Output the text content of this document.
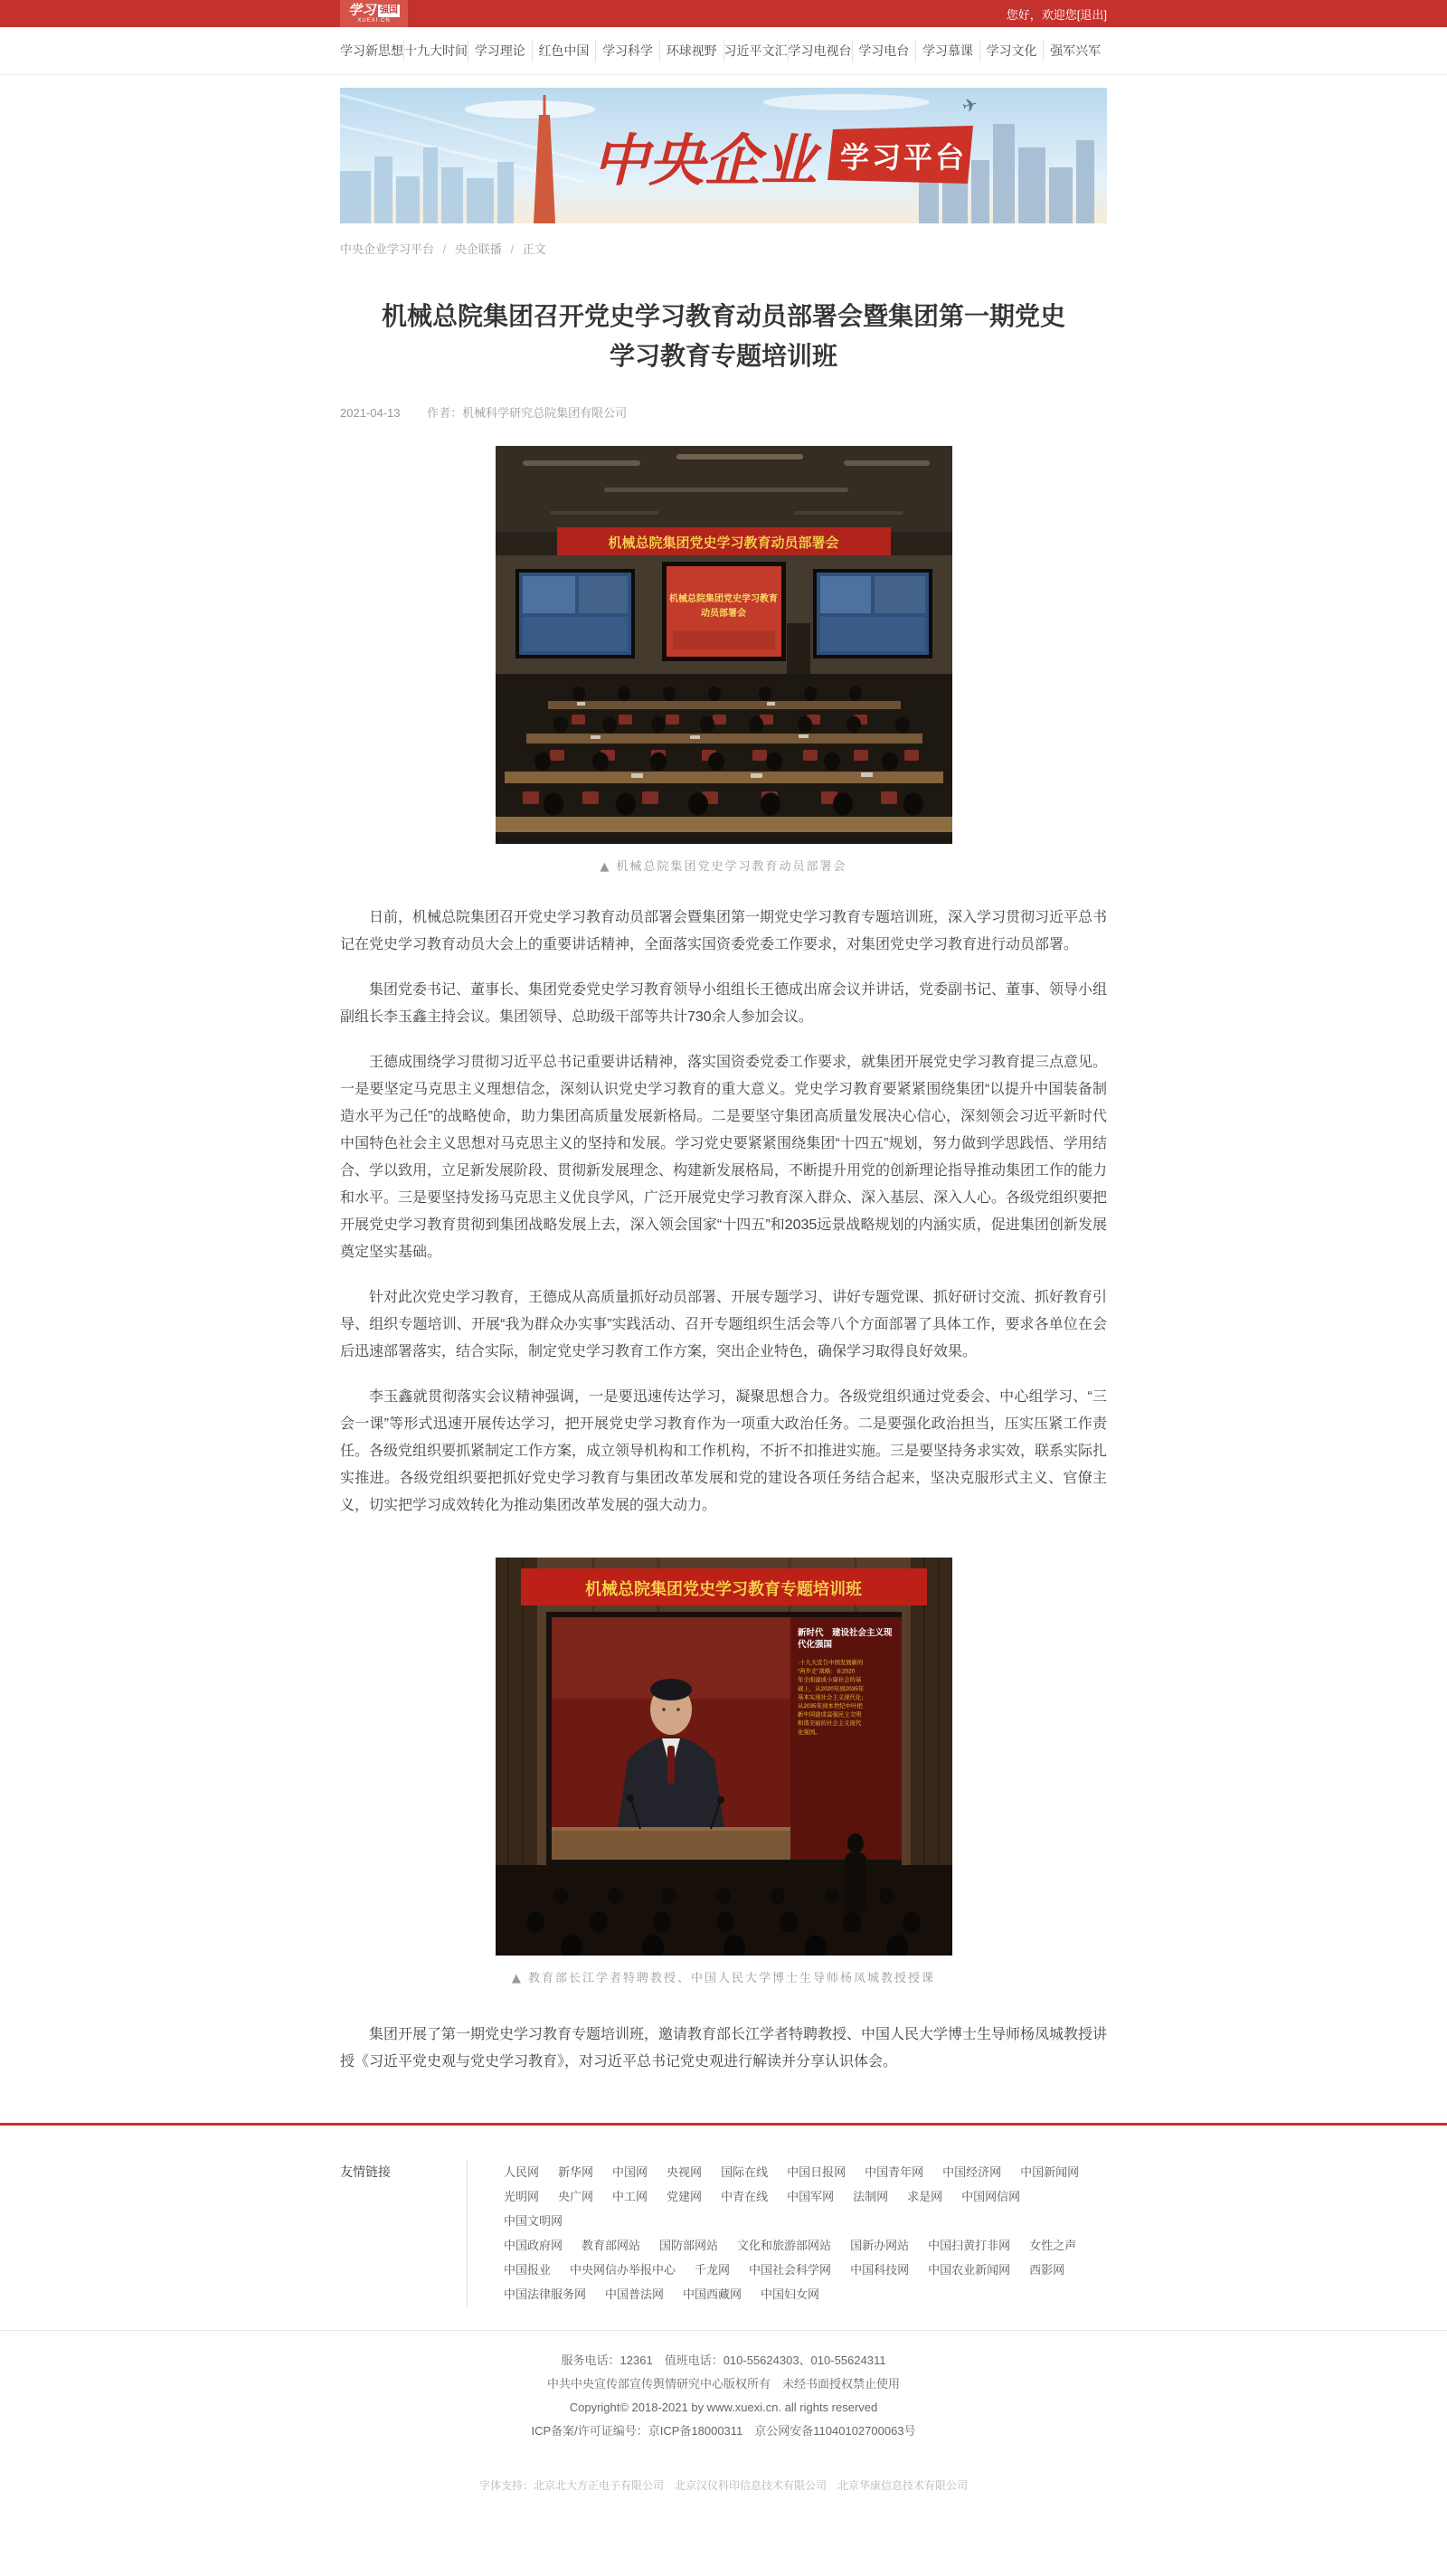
学习 强国
XUEXI.CN	您好，欢迎您[退出]
学习新思想 十九大时间 学习理论	红色中国	学习科学	环球视野 习近平文汇 学习电视台 学习电台	学习慕课	学习文化	强军兴军
✈
中央企业 学习平台
中央企业学习平台 / 央企联播 / 正文
机械总院集团召开党史学习教育动员部署会暨集团第一期党史学习教育专题培训班
2021-04-13 作者：机械科学研究总院集团有限公司
机械总院集团党史学习教育动员部署会
机械总院集团党史学习教育
动员部署会
▲ 机械总院集团党史学习教育动员部署会

日前，机械总院集团召开党史学习教育动员部署会暨集团第一期党史学习教育专题培训班，深入学习贯彻习近平总书记在党史学习教育动员大会上的重要讲话精神，全面落实国资委党委工作要求，对集团党史学习教育进行动员部署。

集团党委书记、董事长、集团党委党史学习教育领导小组组长王德成出席会议并讲话，党委副书记、董事、领导小组副组长李玉鑫主持会议。集团领导、总助级干部等共计730余人参加会议。

王德成围绕学习贯彻习近平总书记重要讲话精神，落实国资委党委工作要求，就集团开展党史学习教育提三点意见。一是要坚定马克思主义理想信念，深刻认识党史学习教育的重大意义。党史学习教育要紧紧围绕集团“以提升中国装备制造水平为己任”的战略使命，助力集团高质量发展新格局。二是要坚守集团高质量发展决心信心，深刻领会习近平新时代中国特色社会主义思想对马克思主义的坚持和发展。学习党史要紧紧围绕集团“十四五”规划，努力做到学思践悟、学用结合、学以致用，立足新发展阶段、贯彻新发展理念、构建新发展格局，不断提升用党的创新理论指导推动集团工作的能力和水平。三是要坚持发扬马克思主义优良学风，广泛开展党史学习教育深入群众、深入基层、深入人心。各级党组织要把开展党史学习教育贯彻到集团战略发展上去，深入领会国家“十四五”和2035远景战略规划的内涵实质，促进集团创新发展奠定坚实基础。

针对此次党史学习教育，王德成从高质量抓好动员部署、开展专题学习、讲好专题党课、抓好研讨交流、抓好教育引导、组织专题培训、开展“我为群众办实事”实践活动、召开专题组织生活会等八个方面部署了具体工作，要求各单位在会后迅速部署落实，结合实际，制定党史学习教育工作方案，突出企业特色，确保学习取得良好效果。

李玉鑫就贯彻落实会议精神强调，一是要迅速传达学习，凝聚思想合力。各级党组织通过党委会、中心组学习、“三会一课”等形式迅速开展传达学习，把开展党史学习教育作为一项重大政治任务。二是要强化政治担当，压实压紧工作责任。各级党组织要抓紧制定工作方案，成立领导机构和工作机构，不折不扣推进实施。三是要坚持务求实效，联系实际扎实推进。各级党组织要把抓好党史学习教育与集团改革发展和党的建设各项任务结合起来，坚决克服形式主义、官僚主义，切实把学习成效转化为推动集团改革发展的强大动力。

机械总院集团党史学习教育专题培训班
新时代　建设社会主义现
代化强国
·十九大宣告中国发展新的
“两步走”战略：在2020
年全面建成小康社会的基
础上，从2020年到2035年
基本实现社会主义现代化；
从2035年到本世纪中叶把
新中国建成富强民主文明
和谐美丽的社会主义现代
化强国。
▲ 教育部长江学者特聘教授、中国人民大学博士生导师杨凤城教授授课

集团开展了第一期党史学习教育专题培训班，邀请教育部长江学者特聘教授、中国人民大学博士生导师杨凤城教授讲授《习近平党史观与党史学习教育》，对习近平总书记党史观进行解读并分享认识体会。

友情链接	人民网 新华网 中国网 央视网 国际在线 中国日报网 中国青年网 中国经济网 中国新闻网
光明网 央广网 中工网 党建网 中青在线 中国军网 法制网 求是网 中国网信网中国文明网
中国政府网 教育部网站 国防部网站 文化和旅游部网站 国新办网站 中国扫黄打非网 女性之声
中国报业 中央网信办举报中心 千龙网 中国社会科学网 中国科技网 中国农业新闻网 西影网
中国法律服务网 中国普法网 中国西藏网 中国妇女网
服务电话：12361　值班电话：010-55624303、010-55624311
中共中央宣传部宣传舆情研究中心版权所有　未经书面授权禁止使用
Copyright© 2018-2021 by www.xuexi.cn. all rights reserved
ICP备案/许可证编号：京ICP备18000311　京公网安备11040102700063号
字体支持：北京北大方正电子有限公司　北京汉仪科印信息技术有限公司　北京华康信息技术有限公司
